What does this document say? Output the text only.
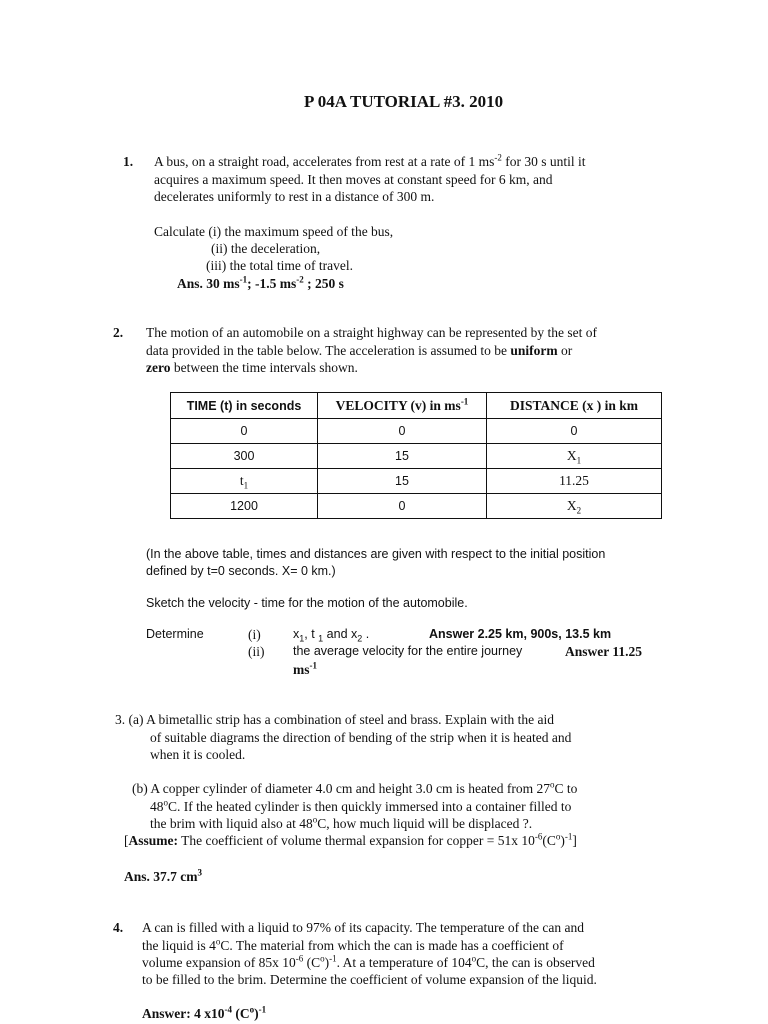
P 04A TUTORIAL #3. 2010
1. A bus, on a straight road, accelerates from rest at a rate of 1 $ms^{-2}$ for 30 s until it
acquires a maximum speed. It then moves at constant speed for 6 km, and
decelerates uniformly to rest in a distance of 300 m.
Calculate (i) the maximum speed of the bus,
(ii) the deceleration,
(iii) the total time of travel.
Ans. 30 $ms^{-1}$; -1.5 $ms^{-2}$ ; 250 s
2. The motion of an automobile on a straight highway can be represented by the set of
data provided in the table below. The acceleration is assumed to be uniform or
zero between the time intervals shown.
TIME (t) in seconds	VELOCITY (v) in $ms^{-1}$	DISTANCE (x ) in km
0	0	0
300	15	$X_1$
$t_1$	15	11.25
1200	0	$X_2$
(In the above table, times and distances are given with respect to the initial position
defined by t=0 seconds. X= 0 km.)
Sketch the velocity - time for the motion of the automobile.
Determine	(i)	$x_1$, t $_1$ and $x_2$ .	Answer 2.25 km, 900s, 13.5 km
(ii) the average velocity for the entire journey	Answer 11.25
$ms^{-1}$
3. (a) A bimetallic strip has a combination of steel and brass. Explain with the aid
of suitable diagrams the direction of bending of the strip when it is heated and
when it is cooled.
(b) A copper cylinder of diameter 4.0 cm and height 3.0 cm is heated from 27$^o$C to
48$^o$C. If the heated cylinder is then quickly immersed into a container filled to
the brim with liquid also at 48$^o$C, how much liquid will be displaced ?.
[Assume: The coefficient of volume thermal expansion for copper = 51x $10^{-6}(C^o)^{-1}$]
Ans. 37.7 $cm^3$
4. A can is filled with a liquid to 97% of its capacity. The temperature of the can and
the liquid is 4$^o$C. The material from which the can is made has a coefficient of
volume expansion of 85x $10^{-6}$ $(C^o)^{-1}$. At a temperature of 104$^o$C, the can is observed
to be filled to the brim. Determine the coefficient of volume expansion of the liquid.
Answer: 4 $x10^{-4}$ $(C^o)^{-1}$
